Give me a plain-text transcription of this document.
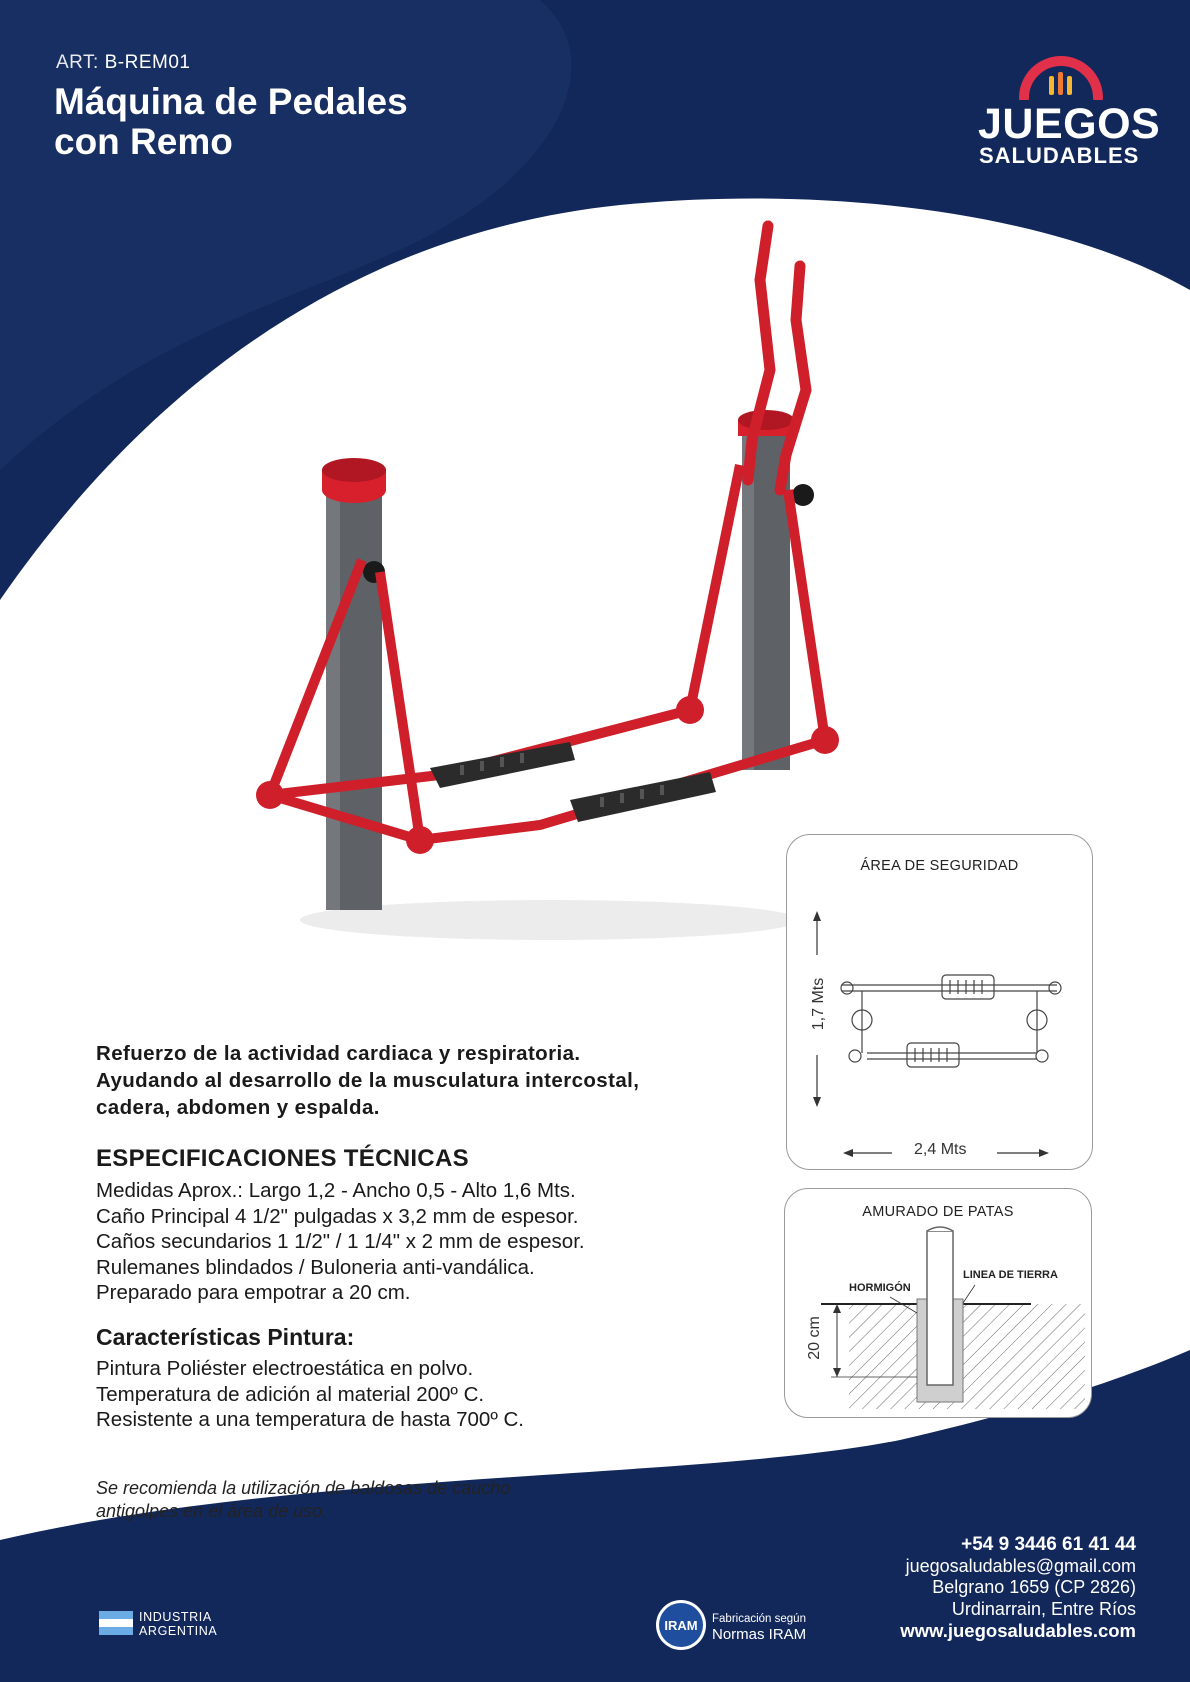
ART: B-REM01
Máquina de Pedales
con Remo	JUEGOS
SALUDABLES
Refuerzo de la actividad cardiaca y respiratoria.
Ayudando al desarrollo de la musculatura intercostal,
cadera, abdomen y espalda.
ESPECIFICACIONES TÉCNICAS
Medidas Aprox.: Largo 1,2 - Ancho 0,5 - Alto 1,6 Mts.
Caño Principal 4 1/2" pulgadas x 3,2 mm de espesor.
Caños secundarios 1 1/2" / 1 1/4" x 2 mm de espesor.
Rulemanes blindados / Buloneria anti-vandálica.
Preparado para empotrar a 20 cm.
Características Pintura:
Pintura Poliéster electroestática en polvo.
Temperatura de adición al material 200º C.
Resistente a una temperatura de hasta 700º C.
Se recomienda la utilización de baldosas de caucho
antigolpes en el área de uso.
ÁREA DE SEGURIDAD
1,7 Mts
2,4 Mts
AMURADO DE PATAS
HORMIGÓN
LINEA DE TIERRA
20 cm
+54 9 3446 61 41 44
juegosaludables@gmail.com
Belgrano 1659 (CP 2826)
Urdinarrain, Entre Ríos
www.juegosaludables.com
INDUSTRIA
ARGENTINA	IRAM	Fabricación según
Normas IRAM
